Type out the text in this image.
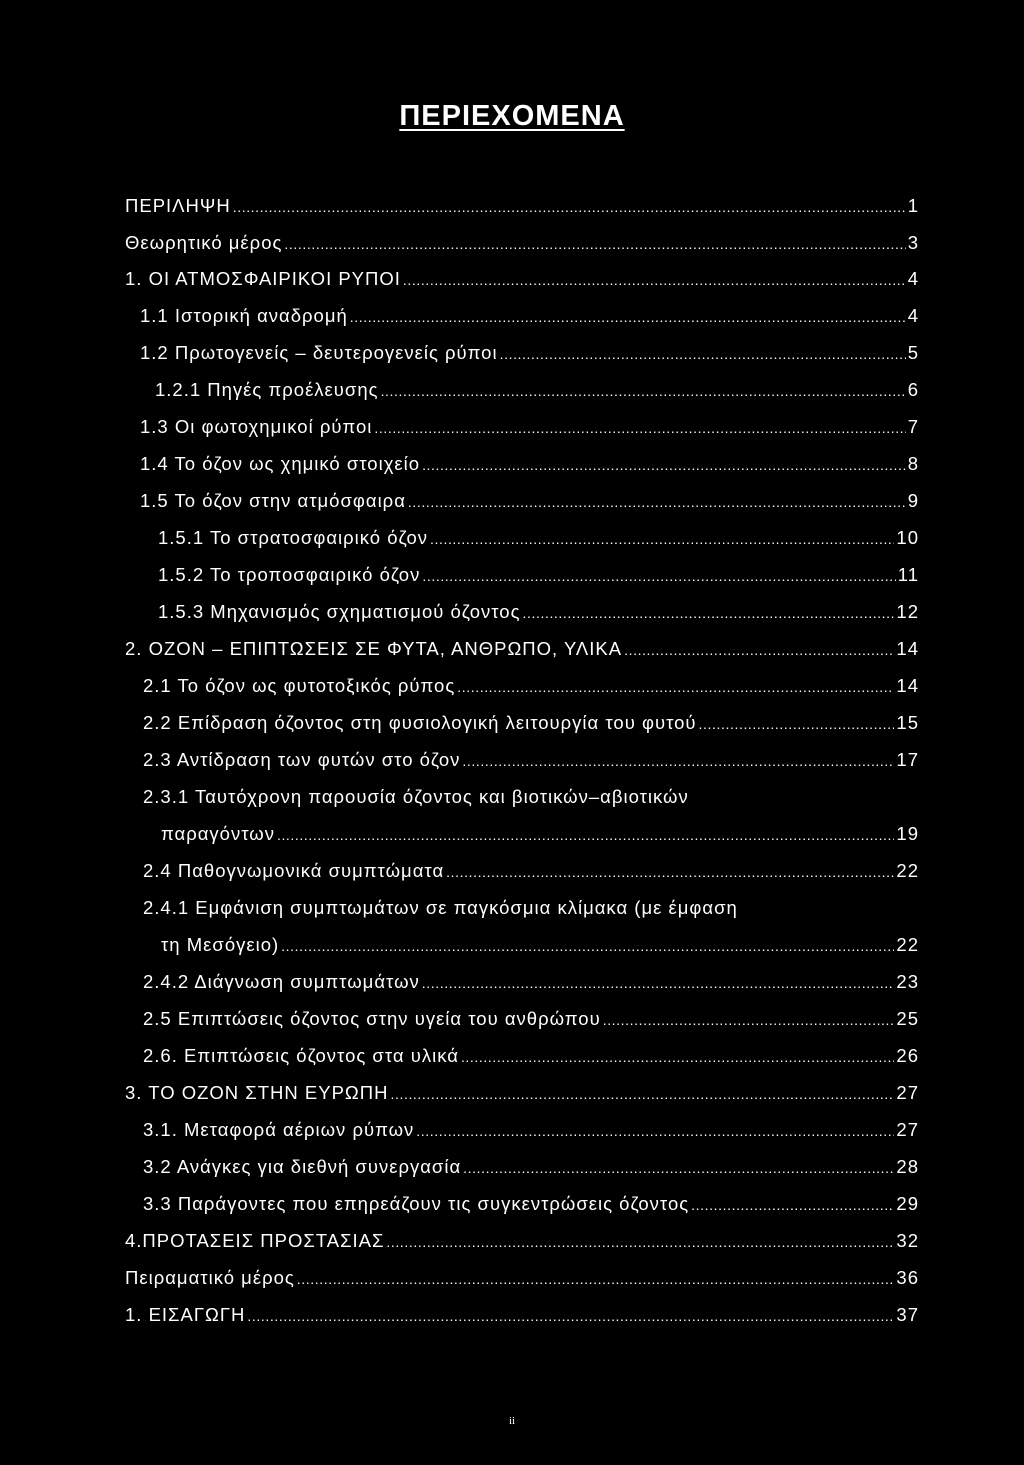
ΠΕΡΙΕΧΟΜΕΝΑ
ΠΕΡΙΛΗΨΗ .....	1
Θεωρητικό μέρος .....	3
1. ΟΙ ΑΤΜΟΣΦΑΙΡΙΚΟΙ ΡΥΠΟΙ .....	4
1.1 Ιστορική αναδρομή .....	4
1.2 Πρωτογενείς – δευτερογενείς ρύποι .....	5
1.2.1 Πηγές προέλευσης .....	6
1.3 Οι φωτοχημικοί ρύποι .....	7
1.4 Το όζον ως χημικό στοιχείο .....	8
1.5 Το όζον στην ατμόσφαιρα .....	9
1.5.1 Το στρατοσφαιρικό όζον .....	10
1.5.2 Το τροποσφαιρικό όζον .....	11
1.5.3 Μηχανισμός σχηματισμού όζοντος .....	12
2. ΟΖΟΝ – ΕΠΙΠΤΩΣΕΙΣ ΣΕ ΦΥΤΑ, ΑΝΘΡΩΠΟ, ΥΛΙΚΑ .....	14
2.1 Το όζον ως φυτοτοξικός ρύπος .....	14
2.2 Επίδραση όζοντος στη φυσιολογική λειτουργία του φυτού .....	15
2.3 Αντίδραση των φυτών στο όζον .....	17
2.3.1 Ταυτόχρονη παρουσία όζοντος και βιοτικών–αβιοτικών
παραγόντων .....	19
2.4 Παθογνωμονικά συμπτώματα .....	22
2.4.1 Εμφάνιση συμπτωμάτων σε παγκόσμια κλίμακα (με έμφαση
τη Μεσόγειο) .....	22
2.4.2 Διάγνωση συμπτωμάτων .....	23
2.5 Επιπτώσεις όζοντος στην υγεία του ανθρώπου .....	25
2.6. Επιπτώσεις όζοντος στα υλικά .....	26
3. ΤΟ ΟΖΟΝ ΣΤΗΝ ΕΥΡΩΠΗ .....	27
3.1. Μεταφορά αέριων ρύπων .....	27
3.2 Ανάγκες για διεθνή συνεργασία .....	28
3.3 Παράγοντες που επηρεάζουν τις συγκεντρώσεις όζοντος .....	29
4.ΠΡΟΤΑΣΕΙΣ ΠΡΟΣΤΑΣΙΑΣ .....	32
Πειραματικό μέρος .....	36
1. ΕΙΣΑΓΩΓΗ .....	37
ii
